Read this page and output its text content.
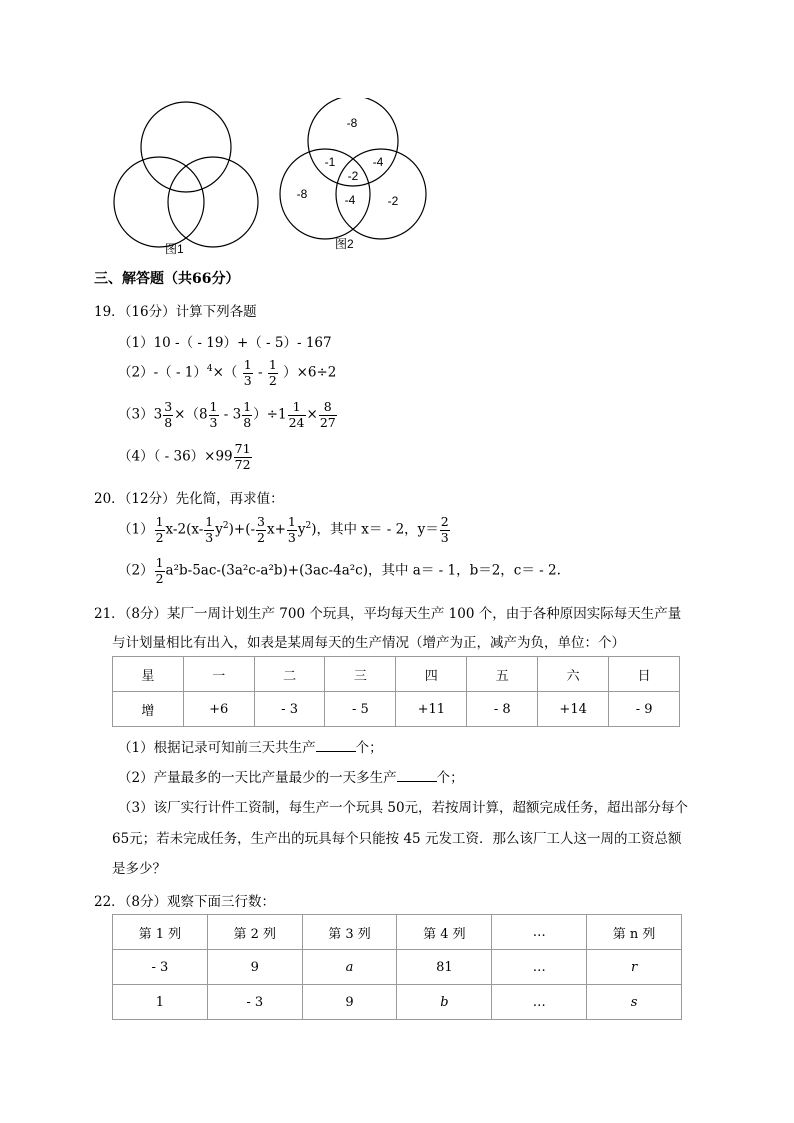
-8
-1	-4
-2
-8	-4	-2
图1	图2
三、解答题（共66分）
19．（16分）计算下列各题
（1）10 -（ - 19）+（ - 5）- 167
$(2)-( - 1)^4\times( \frac{1}{3} - \frac{1}{2} )\times 6\div 2$
$(3)3 \frac{3}{8} \times(8 \frac{1}{3} - 3 \frac{1}{8} )\div 1 \frac{1}{24} \times \frac{8}{27}$
$(4)( - 36)\times 99 \frac{71}{72}$
20．（12分）先化简，再求值：
$(1) \frac{1}{2} x-2(x- \frac{1}{3} y^2)+(- \frac{3}{2} x+ \frac{1}{3} y^2)$，其中 x＝ - 2，$y= \frac{2}{3}$
$(2) \frac{1}{2} a^2b-5ac-(3a^2c-a^2b)+(3ac-4a^2c)$，其中 a＝ - 1，b＝2，c＝ - 2.
21．（8分）某厂一周计划生产 700 个玩具，平均每天生产 100 个，由于各种原因实际每天生产量
与计划量相比有出入，如表是某周每天的生产情况（增产为正，减产为负，单位：个）
星	一	二	三	四	五	六	日
增	+6	- 3	- 5	+11	- 8	+14	- 9
（1）根据记录可知前三天共生产	个；
（2）产量最多的一天比产量最少的一天多生产	个；
（3）该厂实行计件工资制，每生产一个玩具 50元，若按周计算，超额完成任务，超出部分每个
65元；若未完成任务，生产出的玩具每个只能按 45 元发工资．那么该厂工人这一周的工资总额
是多少？
22．（8分）观察下面三行数：
第 1 列	第 2 列	第 3 列	第 4 列	…	第 n 列
- 3	9	a	81	…	r
1	- 3	9	b	…	s
